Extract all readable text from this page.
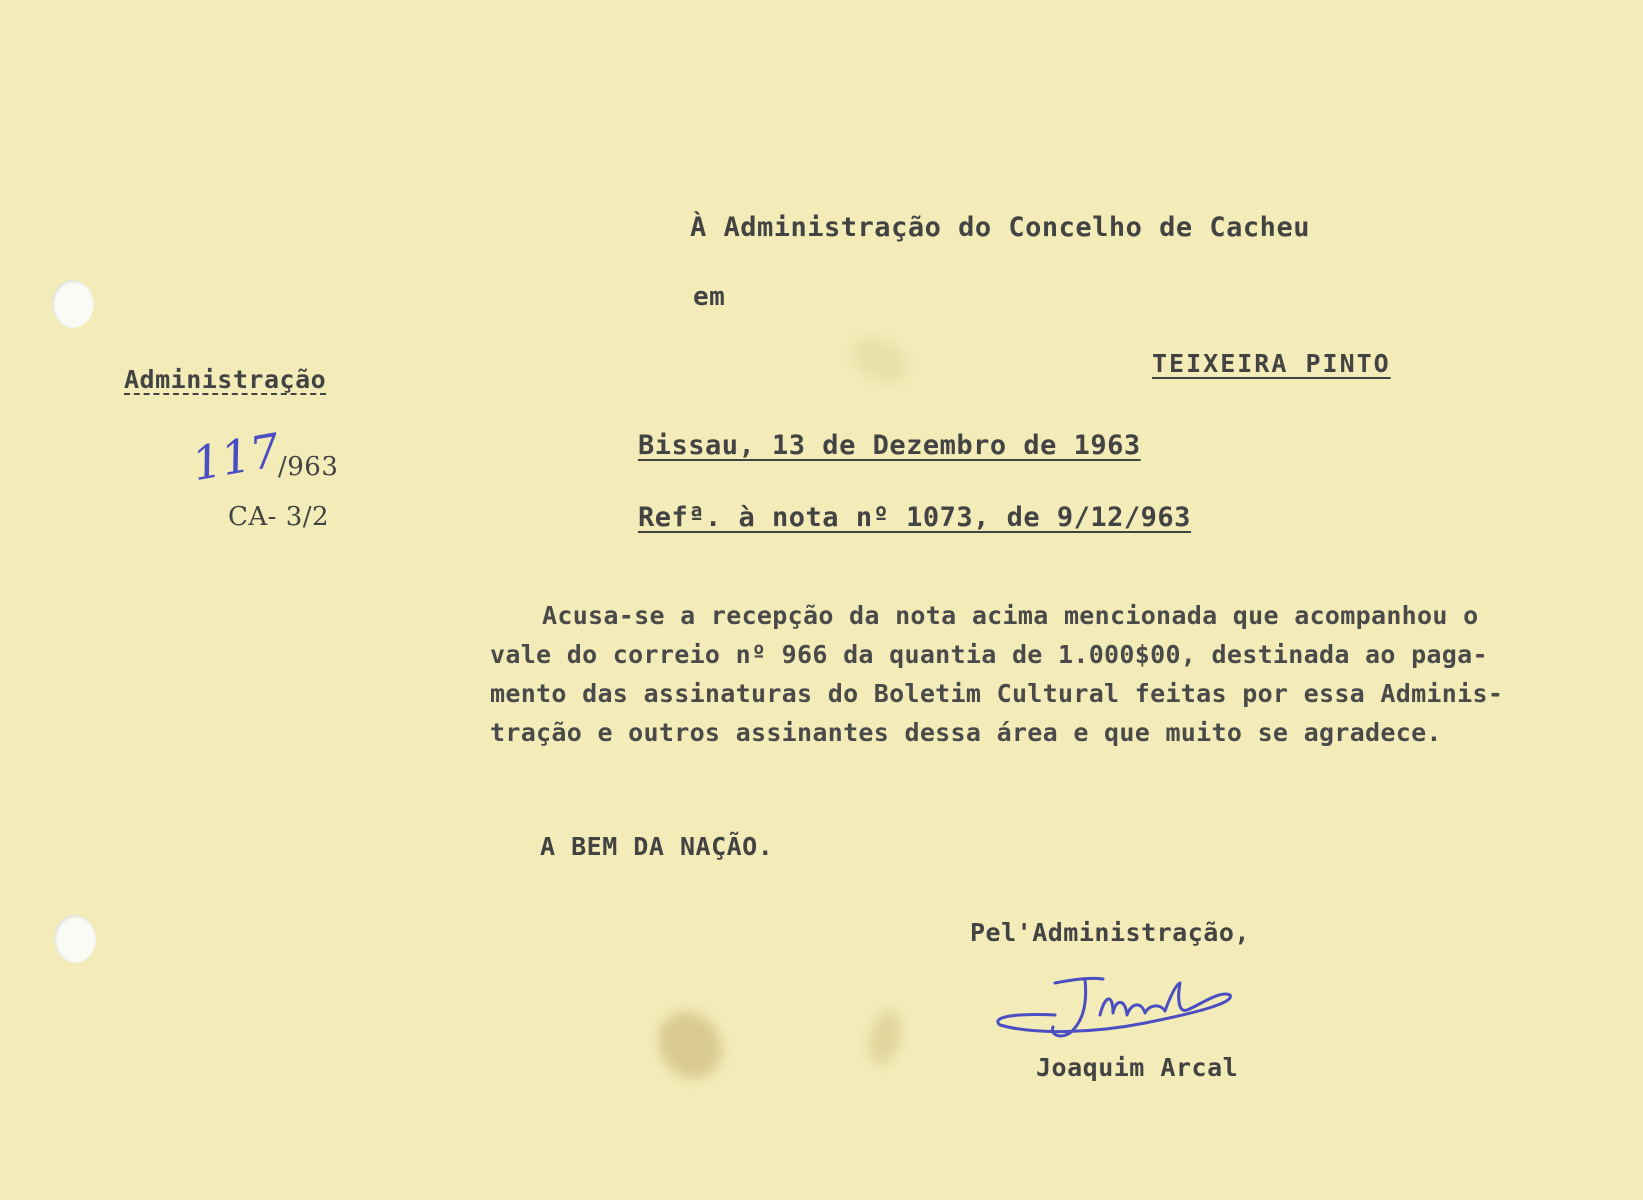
À Administração do Concelho de Cacheu
em
TEIXEIRA PINTO
Administração
117
/963
CA- 3/2
Bissau, 13 de Dezembro de 1963
Refª. à nota nº 1073, de 9/12/963
Acusa-se a recepção da nota acima mencionada que acompanhou o
vale do correio nº 966 da quantia de 1.000$00, destinada ao paga-
mento das assinaturas do Boletim Cultural feitas por essa Adminis-
tração e outros assinantes dessa área e que muito se agradece.
A BEM DA NAÇÃO.
Pel'Administração,
Joaquim Arcal
